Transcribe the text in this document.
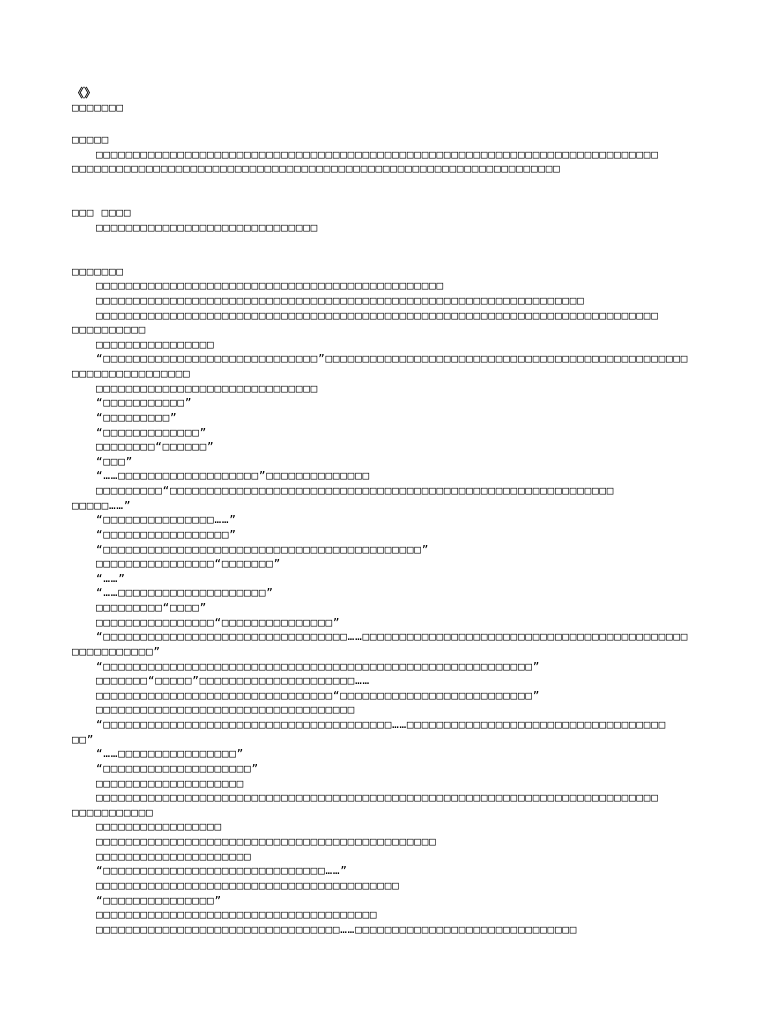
《》
□□□□□□□
□□□□□
□□□□□□□□□□□□□□□□□□□□□□□□□□□□□□□□□□□□□□□□□□□□□□□□□□□□□□□□□□□□□□□□□□□□□□□□□□□□
□□□□□□□□□□□□□□□□□□□□□□□□□□□□□□□□□□□□□□□□□□□□□□□□□□□□□□□□□□□□□□□□□□
□□□ □□□□
□□□□□□□□□□□□□□□□□□□□□□□□□□□□□□
□□□□□□□
□□□□□□□□□□□□□□□□□□□□□□□□□□□□□□□□□□□□□□□□□□□□□□□
□□□□□□□□□□□□□□□□□□□□□□□□□□□□□□□□□□□□□□□□□□□□□□□□□□□□□□□□□□□□□□□□□□
□□□□□□□□□□□□□□□□□□□□□□□□□□□□□□□□□□□□□□□□□□□□□□□□□□□□□□□□□□□□□□□□□□□□□□□□□□□□
□□□□□□□□□□
□□□□□□□□□□□□□□□□
“□□□□□□□□□□□□□□□□□□□□□□□□□□□□□”□□□□□□□□□□□□□□□□□□□□□□□□□□□□□□□□□□□□□□□□□□□□□□□□□
□□□□□□□□□□□□□□□□
□□□□□□□□□□□□□□□□□□□□□□□□□□□□□□
“□□□□□□□□□□□”
“□□□□□□□□□”
“□□□□□□□□□□□□□”
□□□□□□□□“□□□□□□”
“□□□”
“……□□□□□□□□□□□□□□□□□□□”□□□□□□□□□□□□□□
□□□□□□□□□“□□□□□□□□□□□□□□□□□□□□□□□□□□□□□□□□□□□□□□□□□□□□□□□□□□□□□□□□□□□□
□□□□□……”
“□□□□□□□□□□□□□□□……”
“□□□□□□□□□□□□□□□□□”
“□□□□□□□□□□□□□□□□□□□□□□□□□□□□□□□□□□□□□□□□□□□”
□□□□□□□□□□□□□□□□“□□□□□□□”
“……”
“……□□□□□□□□□□□□□□□□□□□□”
□□□□□□□□□“□□□□”
□□□□□□□□□□□□□□□□“□□□□□□□□□□□□□□□”
“□□□□□□□□□□□□□□□□□□□□□□□□□□□□□□□□□……□□□□□□□□□□□□□□□□□□□□□□□□□□□□□□□□□□□□□□□□□□□□
□□□□□□□□□□□”
“□□□□□□□□□□□□□□□□□□□□□□□□□□□□□□□□□□□□□□□□□□□□□□□□□□□□□□□□□□”
□□□□□□□“□□□□□”□□□□□□□□□□□□□□□□□□□□□……
□□□□□□□□□□□□□□□□□□□□□□□□□□□□□□□□“□□□□□□□□□□□□□□□□□□□□□□□□□□”
□□□□□□□□□□□□□□□□□□□□□□□□□□□□□□□□□□□
“□□□□□□□□□□□□□□□□□□□□□□□□□□□□□□□□□□□□□□□……□□□□□□□□□□□□□□□□□□□□□□□□□□□□□□□□□□□
□□”
“……□□□□□□□□□□□□□□□□”
“□□□□□□□□□□□□□□□□□□□□”
□□□□□□□□□□□□□□□□□□□□
□□□□□□□□□□□□□□□□□□□□□□□□□□□□□□□□□□□□□□□□□□□□□□□□□□□□□□□□□□□□□□□□□□□□□□□□□□□□
□□□□□□□□□□□
□□□□□□□□□□□□□□□□□
□□□□□□□□□□□□□□□□□□□□□□□□□□□□□□□□□□□□□□□□□□□□□□
□□□□□□□□□□□□□□□□□□□□□
“□□□□□□□□□□□□□□□□□□□□□□□□□□□□□□……”
□□□□□□□□□□□□□□□□□□□□□□□□□□□□□□□□□□□□□□□□□
“□□□□□□□□□□□□□□□”
□□□□□□□□□□□□□□□□□□□□□□□□□□□□□□□□□□□□□□
□□□□□□□□□□□□□□□□□□□□□□□□□□□□□□□□□……□□□□□□□□□□□□□□□□□□□□□□□□□□□□□□
